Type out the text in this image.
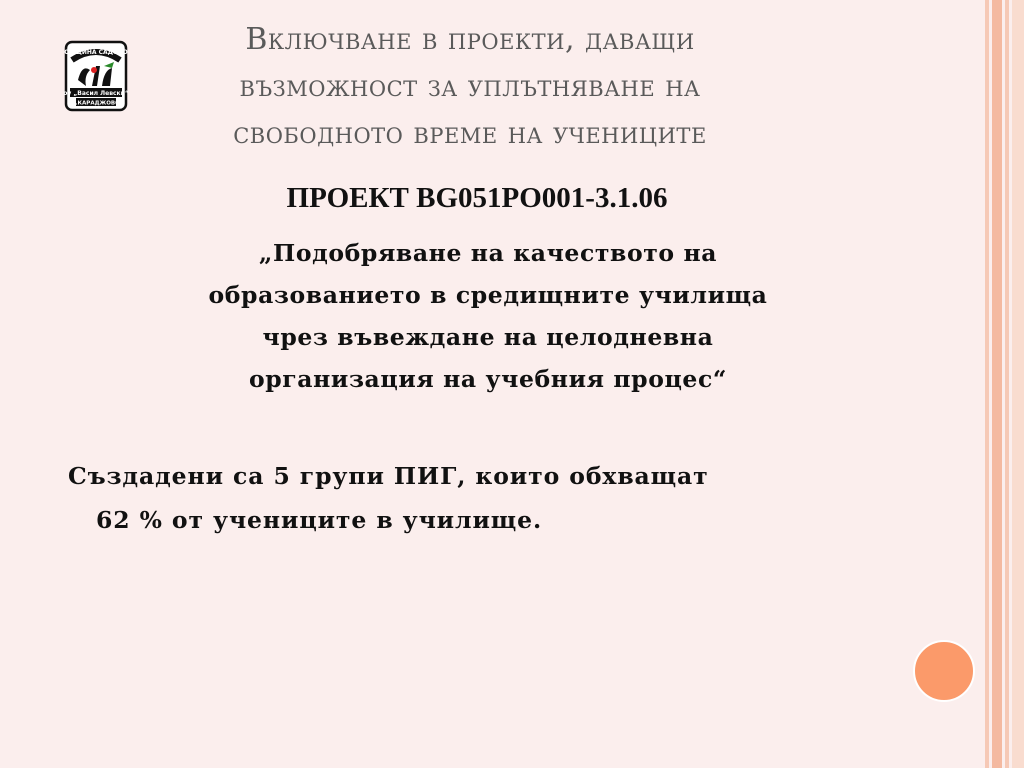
ОБЩИНА САДОВО
оу „Васил Левски“
с.КАРАДЖОВО
Включване в проекти, даващи
възможност за уплътняване на
свободното време на учениците
ПРОЕКТ BG051PO001-3.1.06
„Подобряване на качеството на
образованието в средищните училища
чрез въвеждане на целодневна
организация на учебния процес“
Създадени са 5 групи ПИГ, които обхващат
62 % от учениците в училище.
